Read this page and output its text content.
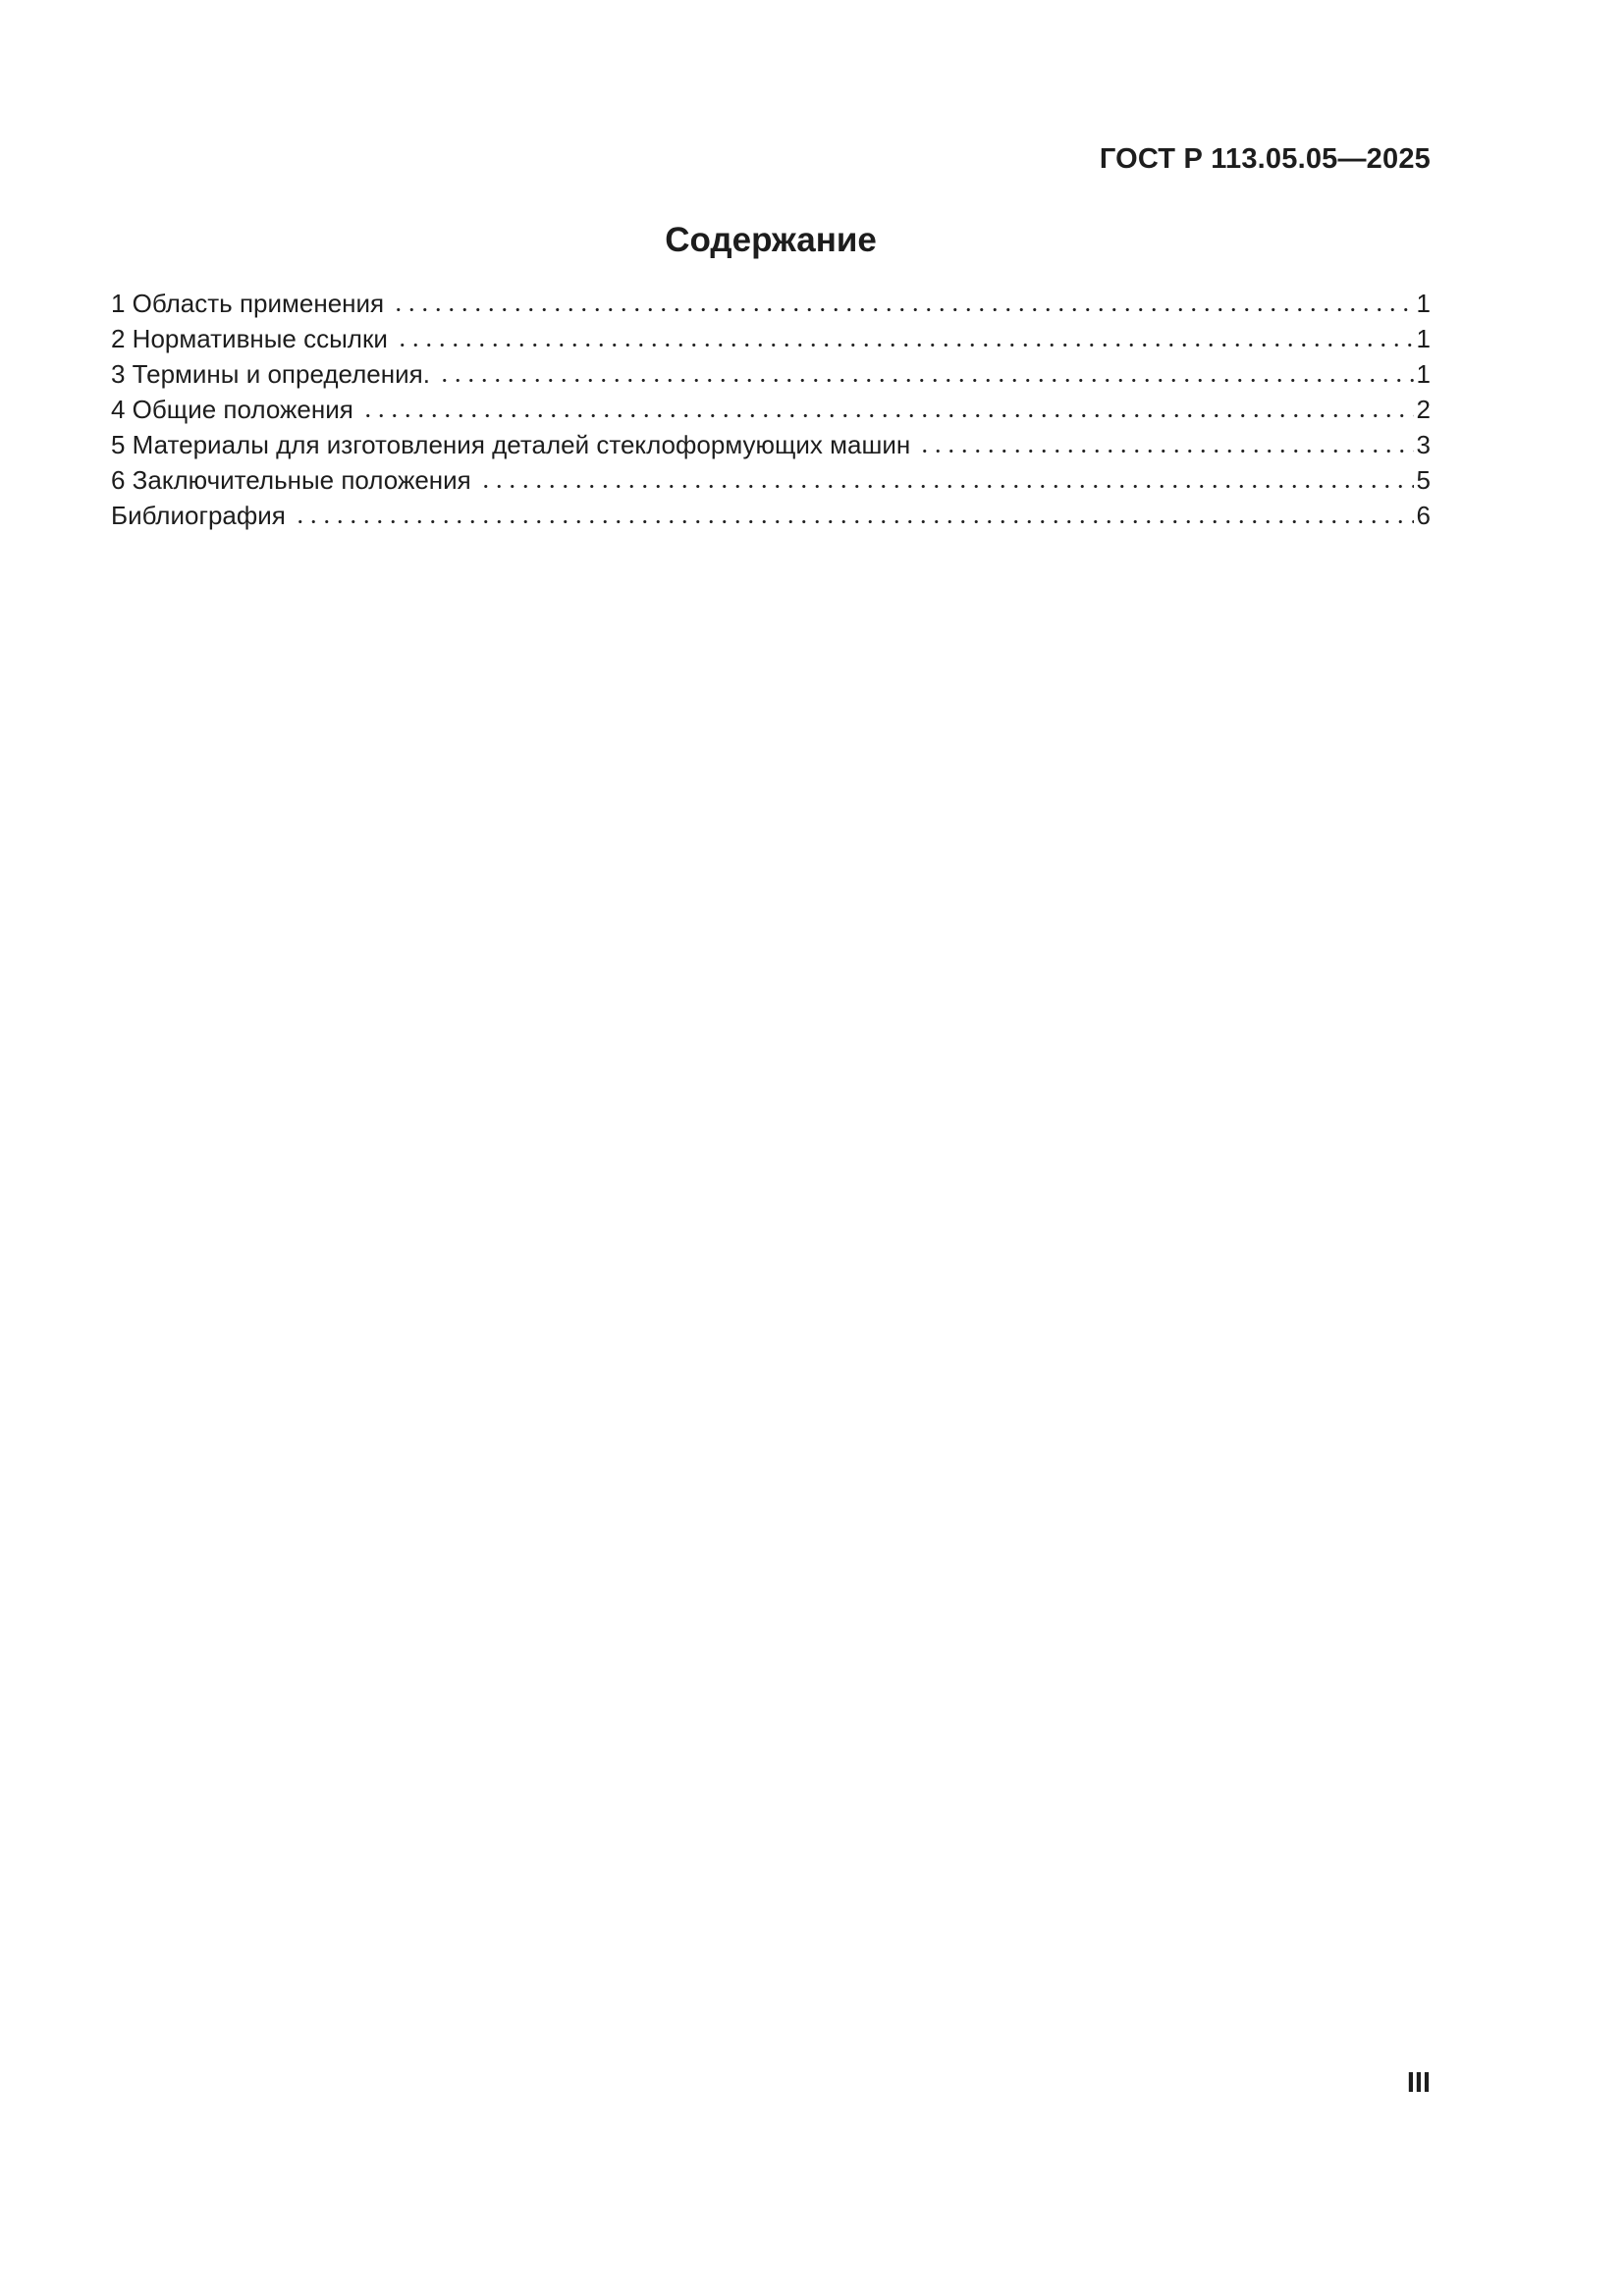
ГОСТ Р 113.05.05—2025
Содержание
1 Область применения	1
2 Нормативные ссылки	1
3 Термины и определения.	1
4 Общие положения	2
5 Материалы для изготовления деталей стеклоформующих машин	3
6 Заключительные положения	5
Библиография	6
III
